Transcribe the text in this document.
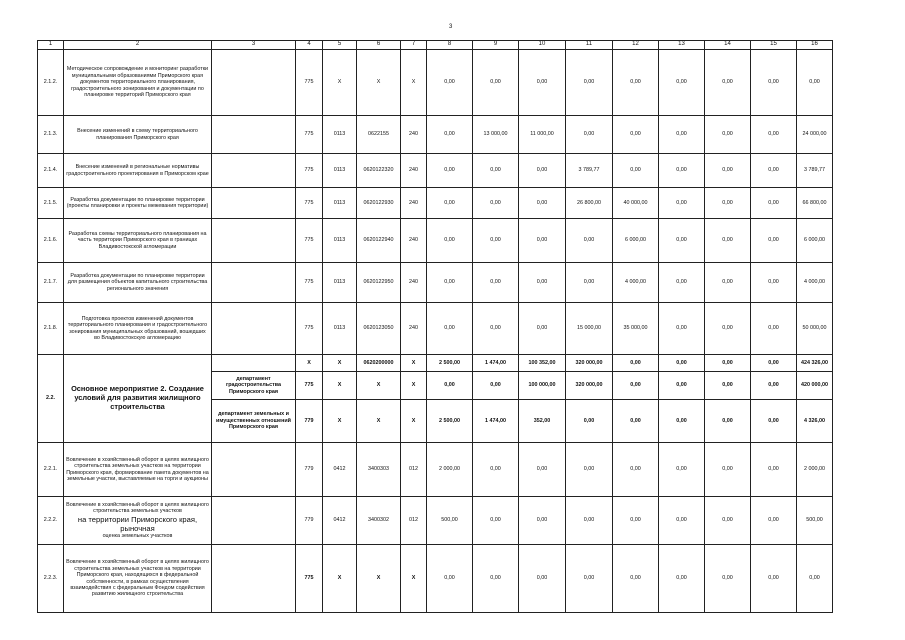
3
1	2	3	4	5	6	7	8	9	10	11	12	13	14	15	16
2.1.2.	Методическое сопровождение и мониторинг разработки муниципальными образованиями Приморского края документов территориального планирования, градостроительного зонирования и документации по планировке территорий Приморского края		775	X	X	X	0,00	0,00	0,00	0,00	0,00	0,00	0,00	0,00	0,00
2.1.3.	Внесение изменений в схему территориального планирования Приморского края		775	0113	0622155	240	0,00	13 000,00	11 000,00	0,00	0,00	0,00	0,00	0,00	24 000,00
2.1.4.	Внесение изменений в региональные нормативы градостроительного проектирования в Приморском крае		775	0113	0620122320	240	0,00	0,00	0,00	3 789,77	0,00	0,00	0,00	0,00	3 789,77
2.1.5.	Разработка документации по планировке территории (проекты планировки и проекты межевания территории)		775	0113	0620122930	240	0,00	0,00	0,00	26 800,00	40 000,00	0,00	0,00	0,00	66 800,00
2.1.6.	Разработка схемы территориального планирования на часть территории Приморского края в границах Владивостокской агломерации		775	0113	0620122940	240	0,00	0,00	0,00	0,00	6 000,00	0,00	0,00	0,00	6 000,00
2.1.7.	Разработка документации по планировке территории для размещения объектов капитального строительства регионального значения		775	0113	0620122950	240	0,00	0,00	0,00	0,00	4 000,00	0,00	0,00	0,00	4 000,00
2.1.8.	Подготовка проектов изменений документов территориального планирования и градостроительного зонирования муниципальных образований, вошедших во Владивостокскую агломерацию		775	0113	0620123050	240	0,00	0,00	0,00	15 000,00	35 000,00	0,00	0,00	0,00	50 000,00
2.2.	Основное мероприятие 2. Создание условий для развития жилищного строительства		X	X	0620200000	X	2 500,00	1 474,00	100 352,00	320 000,00	0,00	0,00	0,00	0,00	424 326,00
		департамент градостроительства Приморского края	775	X	X	X	0,00	0,00	100 000,00	320 000,00	0,00	0,00	0,00	0,00	420 000,00
		департамент земельных и имущественных отношений Приморского края	779	X	X	X	2 500,00	1 474,00	352,00	0,00	0,00	0,00	0,00	0,00	4 326,00
2.2.1.	Вовлечение в хозяйственный оборот в целях жилищного строительства земельных участков на территории Приморского края, формирование пакета документов на земельные участки, выставляемые на торги и аукционы		779	0412	3400303	012	2 000,00	0,00	0,00	0,00	0,00	0,00	0,00	0,00	2 000,00
2.2.2.	Вовлечение в хозяйственный оборот в целях жилищного строительства земельных участков
на территории Приморского края, рыночная
оценка земельных участков		779	0412	3400302	012	500,00	0,00	0,00	0,00	0,00	0,00	0,00	0,00	500,00
2.2.3.	Вовлечение в хозяйственный оборот в целях жилищного строительства земельных участков на территории Приморского края, находящихся в федеральной собственности, в рамках осуществления взаимодействия с федеральным Фондом содействия развитию жилищного строительства		775	X	X	X	0,00	0,00	0,00	0,00	0,00	0,00	0,00	0,00	0,00
